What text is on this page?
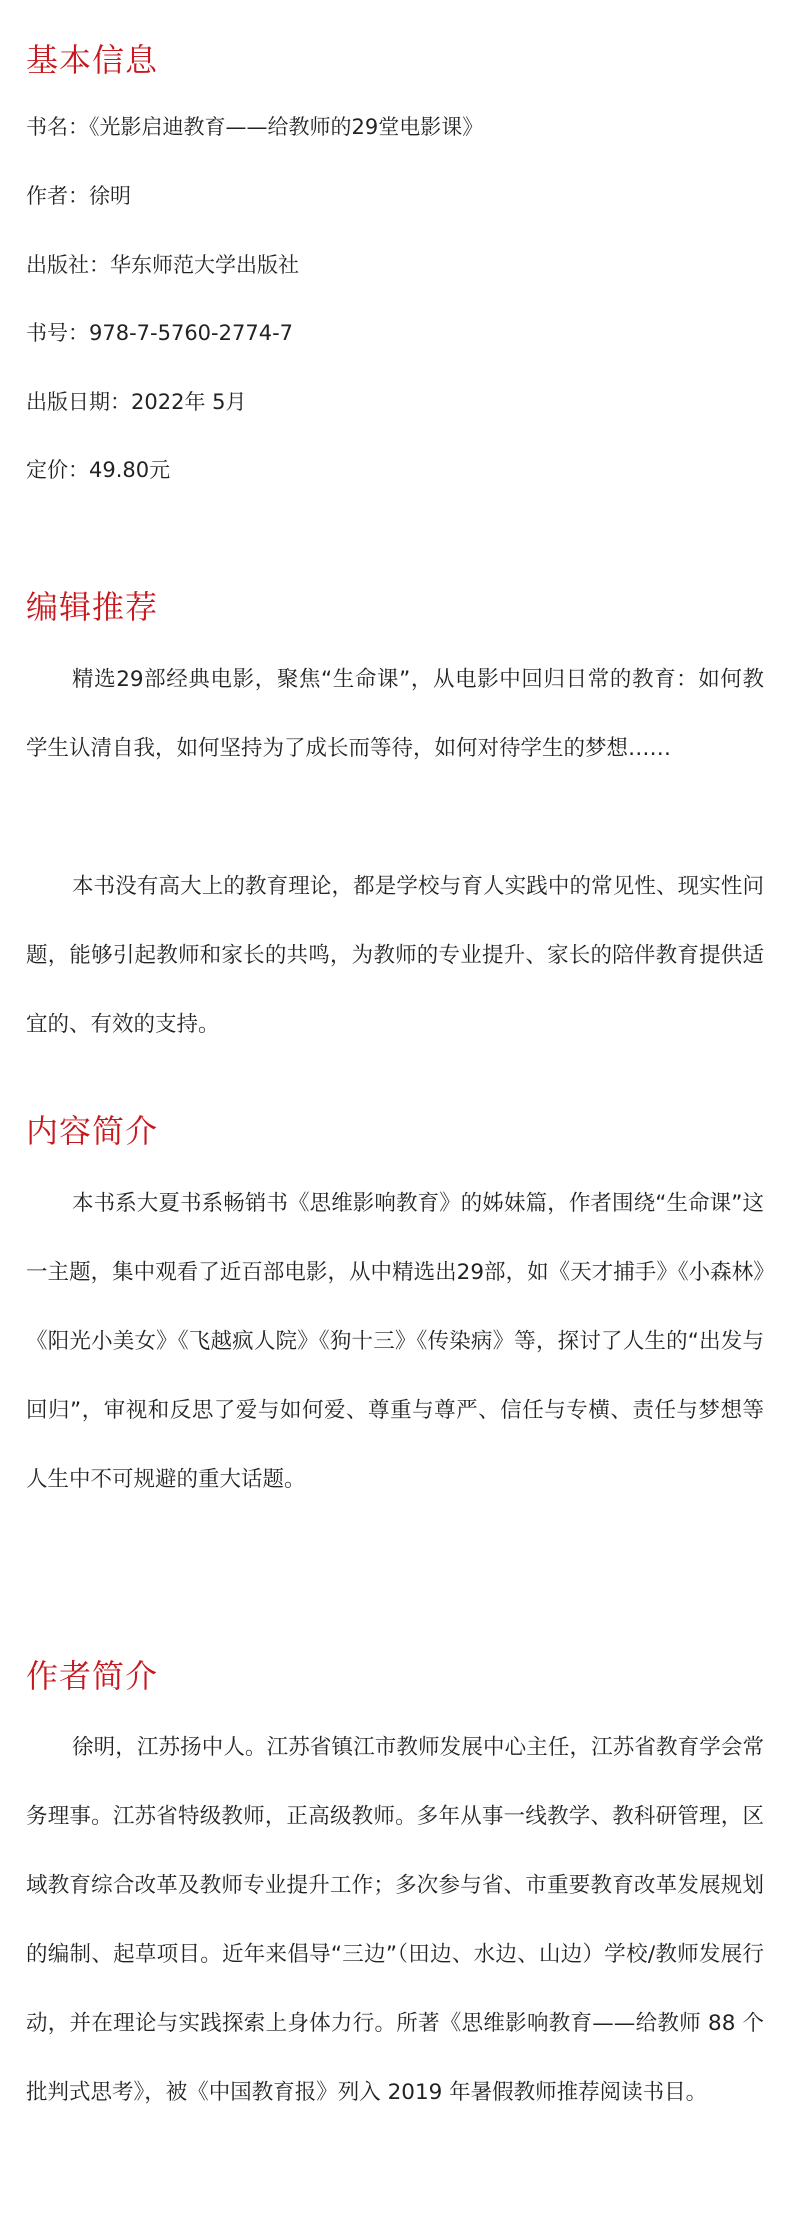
基本信息

书名：《光影启迪教育——给教师的29堂电影课》

作者：徐明

出版社：华东师范大学出版社

书号：978-7-5760-2774-7

出版日期：2022年 5月

定价：49.80元

编辑推荐

精选29部经典电影，聚焦“生命课”，从电影中回归日常的教育：如何教学生认清自我，如何坚持为了成长而等待，如何对待学生的梦想……

本书没有高大上的教育理论，都是学校与育人实践中的常见性、现实性问题，能够引起教师和家长的共鸣，为教师的专业提升、家长的陪伴教育提供适宜的、有效的支持。

内容简介

本书系大夏书系畅销书《思维影响教育》的姊妹篇，作者围绕“生命课”这一主题，集中观看了近百部电影，从中精选出29部，如《天才捕手》《小森林》《阳光小美女》《飞越疯人院》《狗十三》《传染病》等，探讨了人生的“出发与回归”，审视和反思了爱与如何爱、尊重与尊严、信任与专横、责任与梦想等人生中不可规避的重大话题。

作者简介

徐明，江苏扬中人。江苏省镇江市教师发展中心主任，江苏省教育学会常务理事。江苏省特级教师，正高级教师。多年从事一线教学、教科研管理，区域教育综合改革及教师专业提升工作；多次参与省、市重要教育改革发展规划的编制、起草项目。近年来倡导“三边”（田边、水边、山边）学校/教师发展行动，并在理论与实践探索上身体力行。所著《思维影响教育——给教师 88 个批判式思考》，被《中国教育报》列入 2019 年暑假教师推荐阅读书目。
